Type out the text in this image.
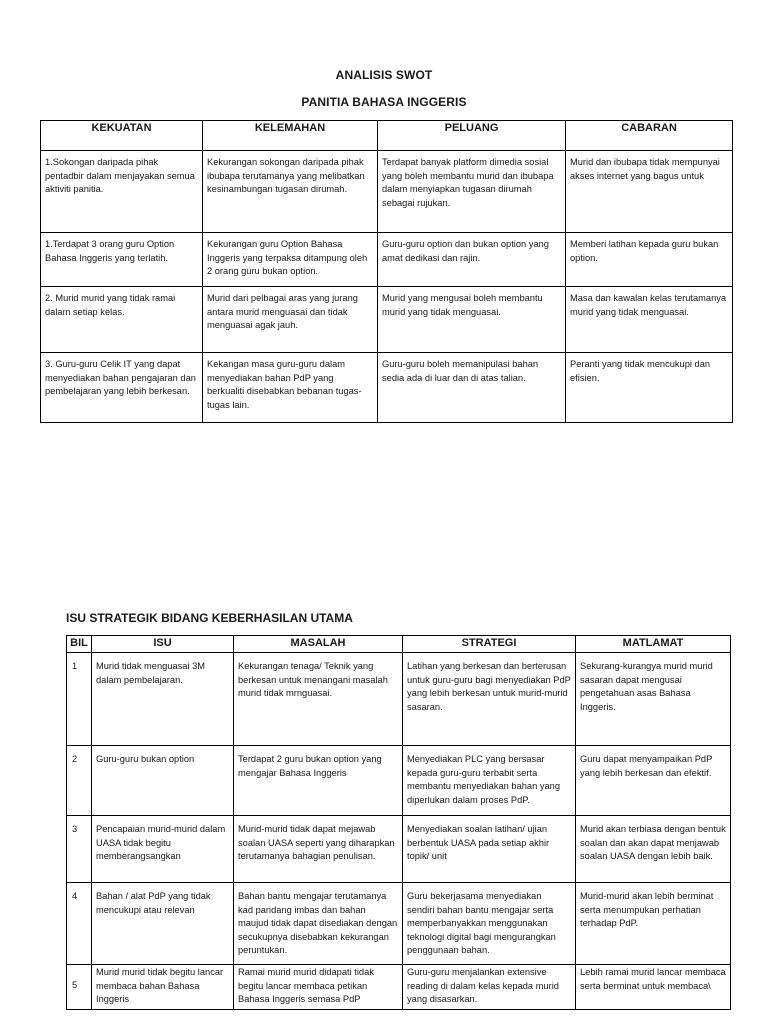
ANALISIS SWOT
PANITIA BAHASA INGGERIS
KEKUATAN	KELEMAHAN	PELUANG	CABARAN
1.Sokongan daripada pihak pentadbir dalam menjayakan semua aktiviti panitia.	Kekurangan sokongan daripada pihak ibubapa terutamanya yang melibatkan kesinambungan tugasan dirumah.	Terdapat banyak platform dimedia sosial yang boleh membantu murid dan ibubapa dalam menyiapkan tugasan dirumah sebagai rujukan.	Murid dan ibubapa tidak mempunyai akses internet yang bagus untuk
1.Terdapat 3 orang guru Option Bahasa Inggeris yang terlatih.	Kekurangan guru Option Bahasa Inggeris yang terpaksa ditampung oleh 2 orang guru bukan option.	Guru-guru option dan bukan option yang amat dedikasi dan rajin.	Memberi latihan kepada guru bukan option.
2. Murid murid yang tidak ramai dalam setiap kelas.	Murid dari pelbagai aras yang jurang antara murid menguasai dan tidak menguasai agak jauh.	Murid yang mengusai boleh membantu murid yang tidak menguasai.	Masa dan kawalan kelas terutamanya murid yang tidak menguasai.
3. Guru-guru Celik IT yang dapat menyediakan bahan pengajaran dan pembelajaran yang lebih berkesan.	Kekangan masa guru-guru dalam menyediakan bahan PdP yang berkualiti disebabkan bebanan tugas-tugas lain.	Guru-guru boleh memanipulasi bahan sedia ada di luar dan di atas talian.	Peranti yang tidak mencukupi dan efisien.
ISU STRATEGIK BIDANG KEBERHASILAN UTAMA
BIL	ISU	MASALAH	STRATEGI	MATLAMAT
1	Murid tidak menguasai 3M dalam pembelajaran.	Kekurangan tenaga/ Teknik yang berkesan untuk menangani masalah murid tidak mrnguasai.	Latihan yang berkesan dan berterusan untuk guru-guru bagi menyediakan PdP yang lebih berkesan untuk murid-murid sasaran.	Sekurang-kurangya murid murid sasaran dapat mengusai pengetahuan asas Bahasa Inggeris.
2	Guru-guru bukan option	Terdapat 2 guru bukan option yang mengajar Bahasa Inggeris	Menyediakan PLC yang bersasar kepada guru-guru terbabit serta membantu menyediakan bahan yang diperlukan dalam proses PdP.	Guru dapat menyampaikan PdP yang lebih berkesan dan efektif.
3	Pencapaian murid-murid dalam UASA tidak begitu memberangsangkan	Murid-murid tidak dapat mejawab soalan UASA seperti yang diharapkan terutamanya bahagian penulisan.	Menyediakan soalan latihan/ ujian berbentuk UASA pada setiap akhir topik/ unit	Murid akan terbiasa dengan bentuk soalan dan akan dapat menjawab soalan UASA dengan lebih baik.
4	Bahan / alat PdP yang tidak mencukupi atau relevan	Bahan bantu mengajar terutamanya kad pandang imbas dan bahan maujud tidak dapat disediakan dengan secukupnya disebabkan kekurangan peruntukan.	Guru bekerjasama menyediakan sendiri bahan bantu mengajar serta memperbanyakkan menggunakan teknologi digital bagi mengurangkan penggunaan bahan.	Murid-murid akan lebih berminat serta menumpukan perhatian terhadap PdP.
5	Murid murid tidak begitu lancar membaca bahan Bahasa Inggeris	Ramai murid murid didapati tidak begitu lancar membaca petikan Bahasa Inggeris semasa PdP	Guru-guru menjalankan extensive reading di dalam kelas kepada murid yang disasarkan.	Lebih ramai murid lancar membaca serta berminat untuk membaca\
